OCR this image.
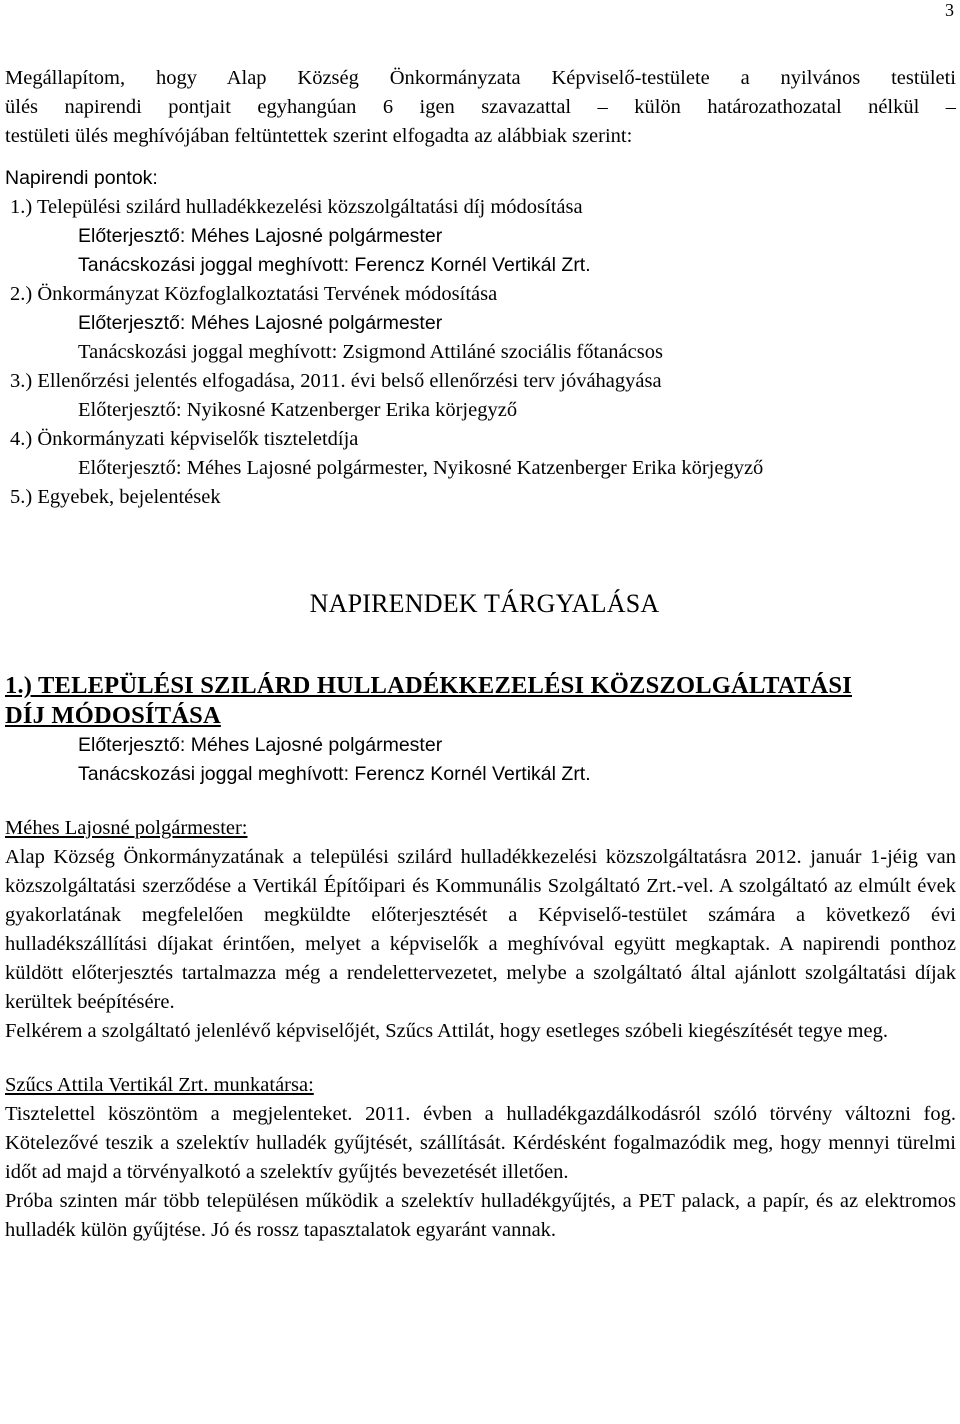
3

Megállapítom, hogy Alap Község Önkormányzata Képviselő-testülete a nyilvános testületi

ülés napirendi pontjait egyhangúan 6 igen szavazattal – külön határozathozatal nélkül –

testületi ülés meghívójában feltüntettek szerint elfogadta az alábbiak szerint:

Napirendi pontok:

1.) Települési szilárd hulladékkezelési közszolgáltatási díj módosítása

Előterjesztő: Méhes Lajosné polgármester

Tanácskozási joggal meghívott: Ferencz Kornél Vertikál Zrt.

2.) Önkormányzat Közfoglalkoztatási Tervének módosítása

Előterjesztő: Méhes Lajosné polgármester

Tanácskozási joggal meghívott: Zsigmond Attiláné szociális főtanácsos

3.) Ellenőrzési jelentés elfogadása, 2011. évi belső ellenőrzési terv jóváhagyása

Előterjesztő: Nyikosné Katzenberger Erika körjegyző

4.) Önkormányzati képviselők tiszteletdíja

Előterjesztő: Méhes Lajosné polgármester, Nyikosné Katzenberger Erika körjegyző

5.) Egyebek, bejelentések

NAPIRENDEK TÁRGYALÁSA

1.) TELEPÜLÉSI SZILÁRD HULLADÉKKEZELÉSI KÖZSZOLGÁLTATÁSI

DÍJ MÓDOSÍTÁSA

Előterjesztő: Méhes Lajosné polgármester

Tanácskozási joggal meghívott: Ferencz Kornél Vertikál Zrt.

Méhes Lajosné polgármester:

Alap Község Önkormányzatának a települési szilárd hulladékkezelési közszolgáltatásra 2012. január 1-jéig van közszolgáltatási szerződése a Vertikál Építőipari és Kommunális Szolgáltató Zrt.-vel. A szolgáltató az elmúlt évek gyakorlatának megfelelően megküldte előterjesztését a Képviselő-testület számára a következő évi hulladékszállítási díjakat érintően, melyet a képviselők a meghívóval együtt megkaptak. A napirendi ponthoz küldött előterjesztés tartalmazza még a rendelettervezetet, melybe a szolgáltató által ajánlott szolgáltatási díjak kerültek beépítésére.

Felkérem a szolgáltató jelenlévő képviselőjét, Szűcs Attilát, hogy esetleges szóbeli kiegészítését tegye meg.

Szűcs Attila Vertikál Zrt. munkatársa:

Tisztelettel köszöntöm a megjelenteket. 2011. évben a hulladékgazdálkodásról szóló törvény változni fog. Kötelezővé teszik a szelektív hulladék gyűjtését, szállítását. Kérdésként fogalmazódik meg, hogy mennyi türelmi időt ad majd a törvényalkotó a szelektív gyűjtés bevezetését illetően.

Próba szinten már több településen működik a szelektív hulladékgyűjtés, a PET palack, a papír, és az elektromos hulladék külön gyűjtése. Jó és rossz tapasztalatok egyaránt vannak.
